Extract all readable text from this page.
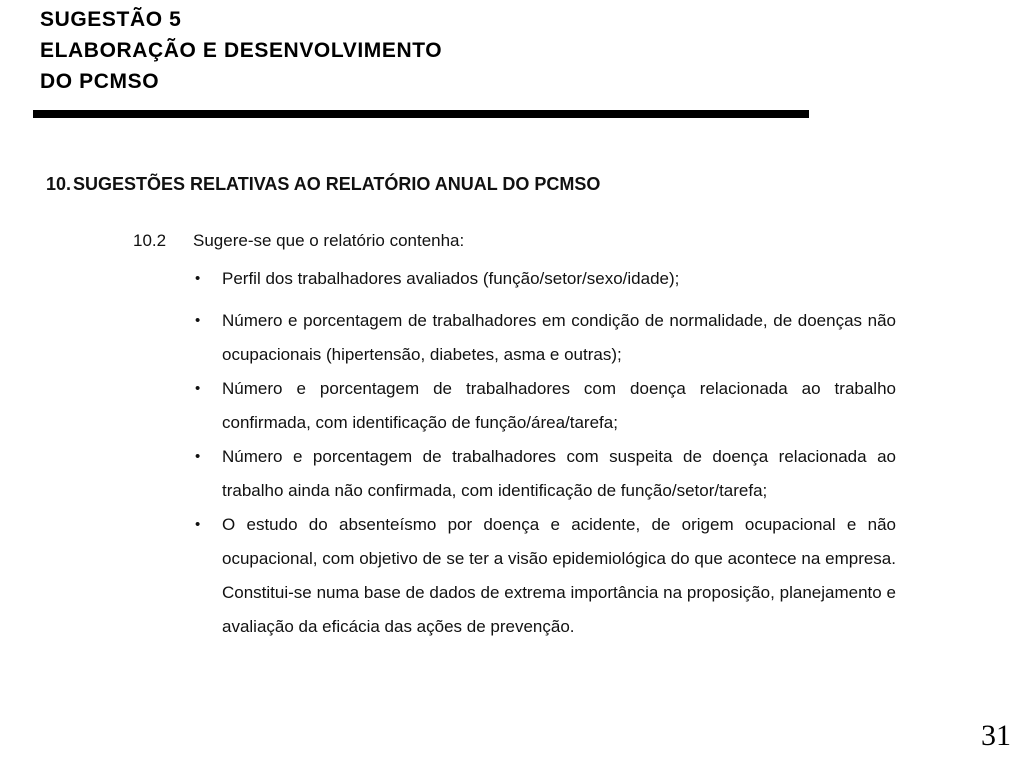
SUGESTÃO 5
ELABORAÇÃO E DESENVOLVIMENTO
DO PCMSO
10. SUGESTÕES RELATIVAS AO RELATÓRIO ANUAL DO PCMSO
10.2 Sugere-se que o relatório contenha:
• Perfil dos trabalhadores avaliados (função/setor/sexo/idade);
• Número e porcentagem de trabalhadores em condição de normalidade, de doenças não ocupacionais (hipertensão, diabetes, asma e outras);
• Número e porcentagem de trabalhadores com doença relacionada ao trabalho confirmada, com identificação de função/área/tarefa;
• Número e porcentagem de trabalhadores com suspeita de doença relacionada ao trabalho ainda não confirmada, com identificação de função/setor/tarefa;
• O estudo do absenteísmo por doença e acidente, de origem ocupacional e não ocupacional, com objetivo de se ter a visão epidemiológica do que acontece na empresa. Constitui-se numa base de dados de extrema importância na proposição, planejamento e avaliação da eficácia das ações de prevenção.
31
